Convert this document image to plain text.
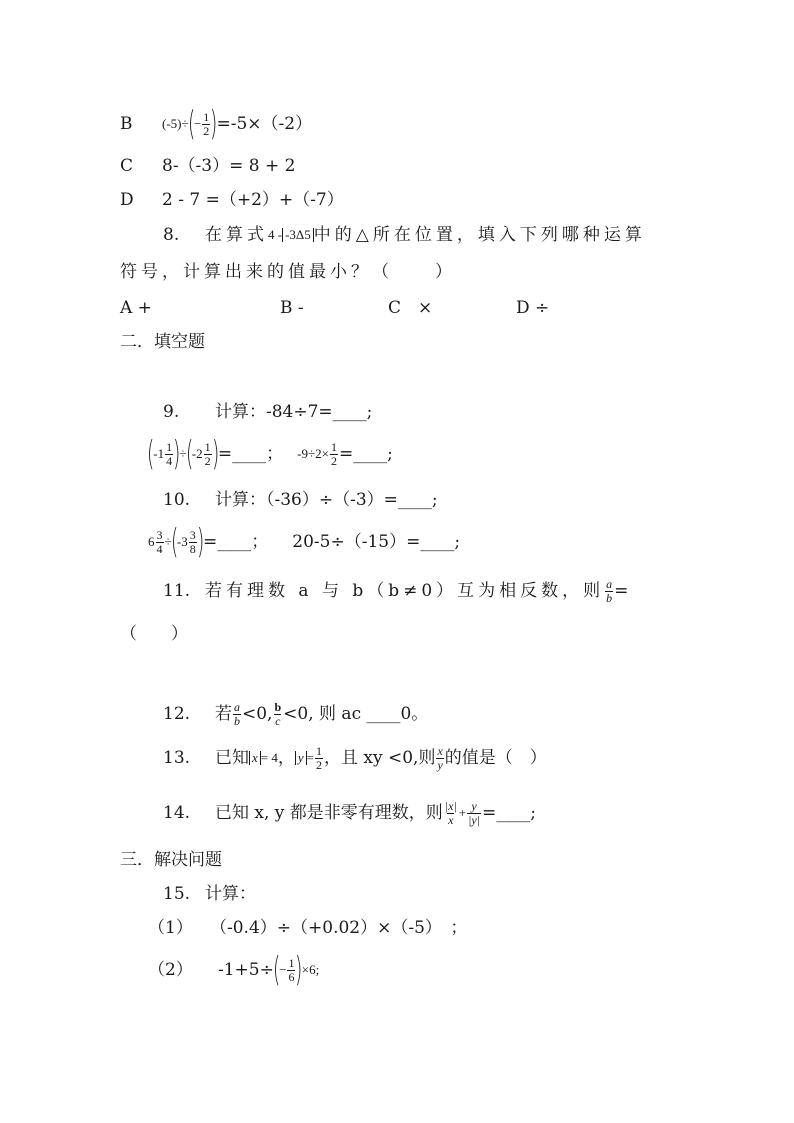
B	(-5)÷
(
− $\frac{1}{2}$ )
=-5×（-2）
C	8-（-3）= 8 + 2
D	2 - 7 =（+2）+（-7）
8.	在算式 4 - -3Δ5 中的△所在位置，填入下列哪种运算
符号，计算出来的值最小？（　　）
A +	B -	C　×	D ÷
二．填空题
9.	计算：-84÷7=____;
(
-1 1
4 )
÷
(
-2 1
2 )
=____； $-9\div 2\times \frac{1}{2}$ =____;
10.	计算：（-36）÷（-3）=____;
6 3
4 ÷
(
-3 3
8 )
=____； 20-5÷（-15）=____;
11. 若有理数 a 与 b（b≠0）互为相反数，则 $\frac{a}{b}$ =
（　　）
12.	若 a
b <0, b
c <0, 则 ac ____0。
13.	已知 x = 4 ， $y = \frac{1}{2}$ ，且 xy <0,则 x
y 的值是（　）
14.	已知 x, y 都是非零有理数，则 |x|
$x + \frac{y}{|y|}$ =____;
三．解决问题
15. 计算：
（1）	（-0.4）÷（+0.02）×（-5）　；
（2）	-1+5÷
(
− $\frac{1}{6}$ )
×6;
